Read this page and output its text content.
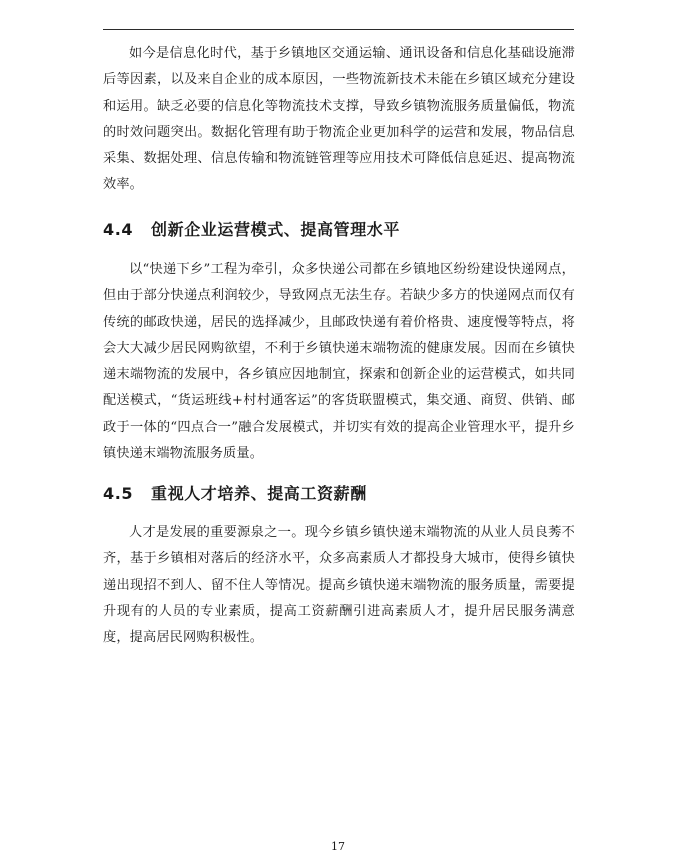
如今是信息化时代，基于乡镇地区交通运输、通讯设备和信息化基础设施滞后等因素，以及来自企业的成本原因，一些物流新技术未能在乡镇区域充分建设和运用。缺乏必要的信息化等物流技术支撑，导致乡镇物流服务质量偏低，物流的时效问题突出。数据化管理有助于物流企业更加科学的运营和发展，物品信息采集、数据处理、信息传输和物流链管理等应用技术可降低信息延迟、提高物流效率。

4.4 创新企业运营模式、提高管理水平

以“快递下乡”工程为牵引，众多快递公司都在乡镇地区纷纷建设快递网点，但由于部分快递点利润较少，导致网点无法生存。若缺少多方的快递网点而仅有传统的邮政快递，居民的选择减少，且邮政快递有着价格贵、速度慢等特点，将会大大减少居民网购欲望，不利于乡镇快递末端物流的健康发展。因而在乡镇快递末端物流的发展中，各乡镇应因地制宜，探索和创新企业的运营模式，如共同配送模式，“货运班线+村村通客运”的客货联盟模式，集交通、商贸、供销、邮政于一体的“四点合一”融合发展模式，并切实有效的提高企业管理水平，提升乡镇快递末端物流服务质量。

4.5 重视人才培养、提高工资薪酬

人才是发展的重要源泉之一。现今乡镇乡镇快递末端物流的从业人员良莠不齐，基于乡镇相对落后的经济水平，众多高素质人才都投身大城市，使得乡镇快递出现招不到人、留不住人等情况。提高乡镇快递末端物流的服务质量，需要提升现有的人员的专业素质，提高工资薪酬引进高素质人才，提升居民服务满意度，提高居民网购积极性。

17
